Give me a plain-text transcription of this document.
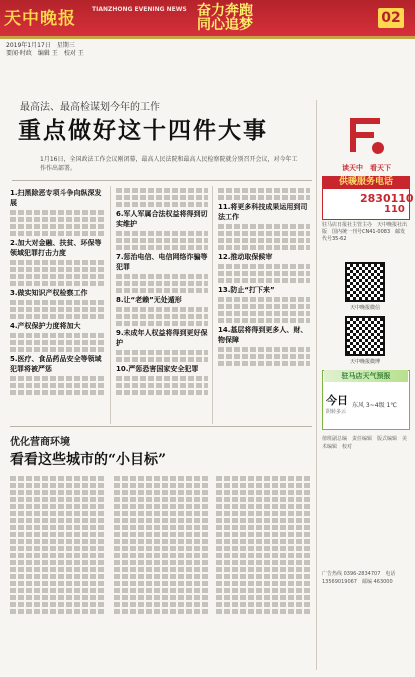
天中晚报	TIANZHONG EVENING NEWS 奋力奔跑
同心追梦	02
2019年1月17日　星期三
要闻·时政　编辑 王　校对 王
最高法、最高检谋划今年的工作
重点做好这十四件大事
1月16日，全国政法工作会议刚闭幕，最高人民法院和最高人民检察院就分别召开会议，对今年工作作出部署。
1.扫黑除恶专项斗争向纵深发展
2.加大对金融、扶贫、环保等领域犯罪打击力度
3.做实知识产权检察工作
4.产权保护力度将加大
5.医疗、食品药品安全等领域犯罪将被严惩
6.军人军属合法权益将得到切实维护
7.惩治电信、电信网络诈骗等犯罪
8.让“老赖”无处遁形
9.未成年人权益将得到更好保护
10.严惩恐害国家安全犯罪
11.将更多科技成果运用到司法工作
12.推动取保候审
13.防止“打下来”
14.基层将得到更多人、财、物保障
优化营商环境
看看这些城市的“小目标”
读天中　看天下
供暖服务电话
2830110
110
驻马店日报社主管主办　天中晚报社出版　国内统一刊号CN41-0083　邮发代号35-62
天中晚报微信
天中晚报微博
驻马店天气预报
今日
阴转多云
东风 3~4级 1℃
值班副总编　责任编辑　版式编辑　美术编辑　校对
广告热线 0396-2834707　电话 13569019067　邮编 463000
